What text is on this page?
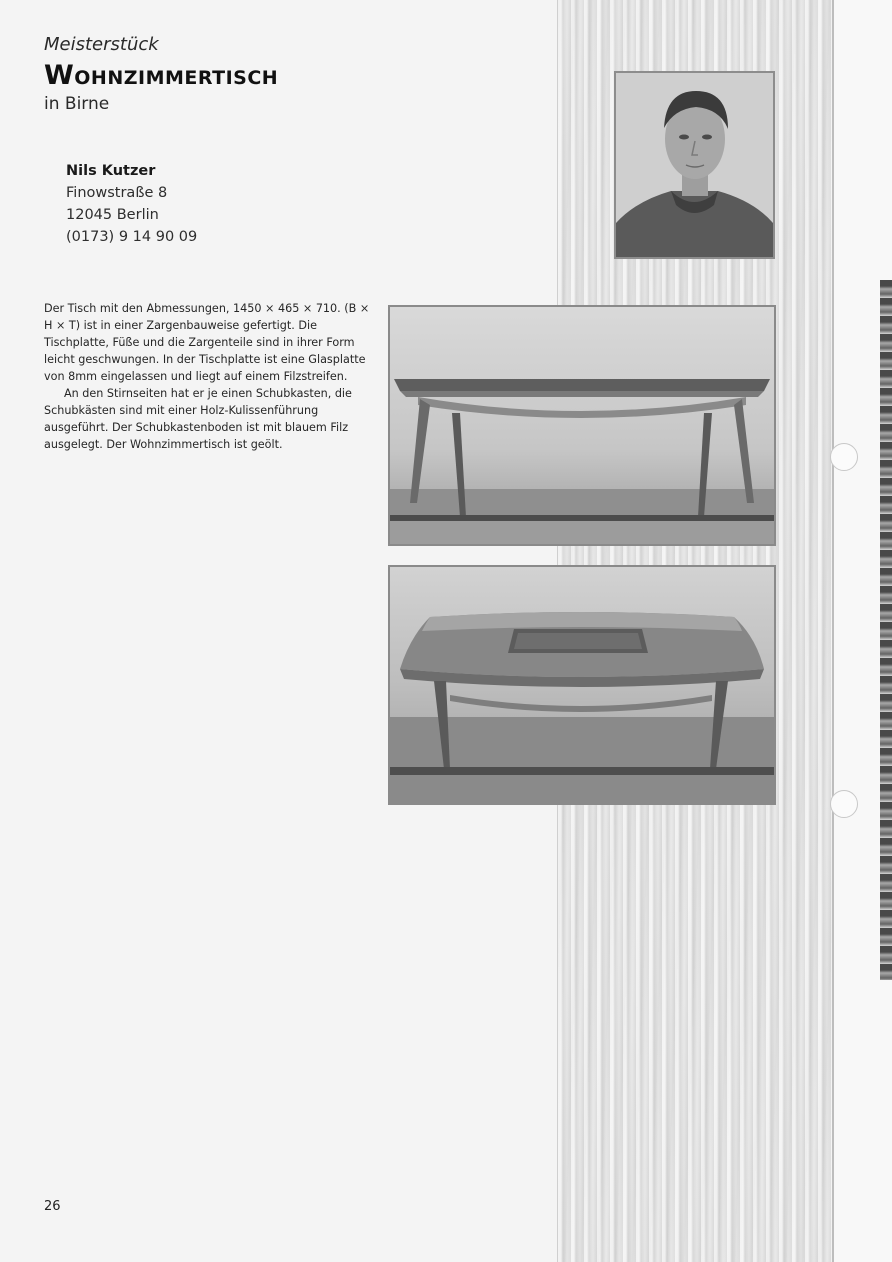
Meisterstück

Wohnzimmertisch

in Birne

Nils Kutzer
Finowstraße 8
12045 Berlin
(0173) 9 14 90 09

Der Tisch mit den Abmessungen, 1450 × 465 × 710. (B × H × T) ist in einer Zargenbauweise gefertigt. Die Tischplatte, Füße und die Zargenteile sind in ihrer Form leicht geschwungen. In der Tischplatte ist eine Glasplatte von 8mm eingelassen und liegt auf einem Filzstreifen.

An den Stirnseiten hat er je einen Schubkasten, die Schubkästen sind mit einer Holz-Kulissenführung ausgeführt. Der Schubkastenboden ist mit blauem Filz ausgelegt. Der Wohnzimmertisch ist geölt.

26
